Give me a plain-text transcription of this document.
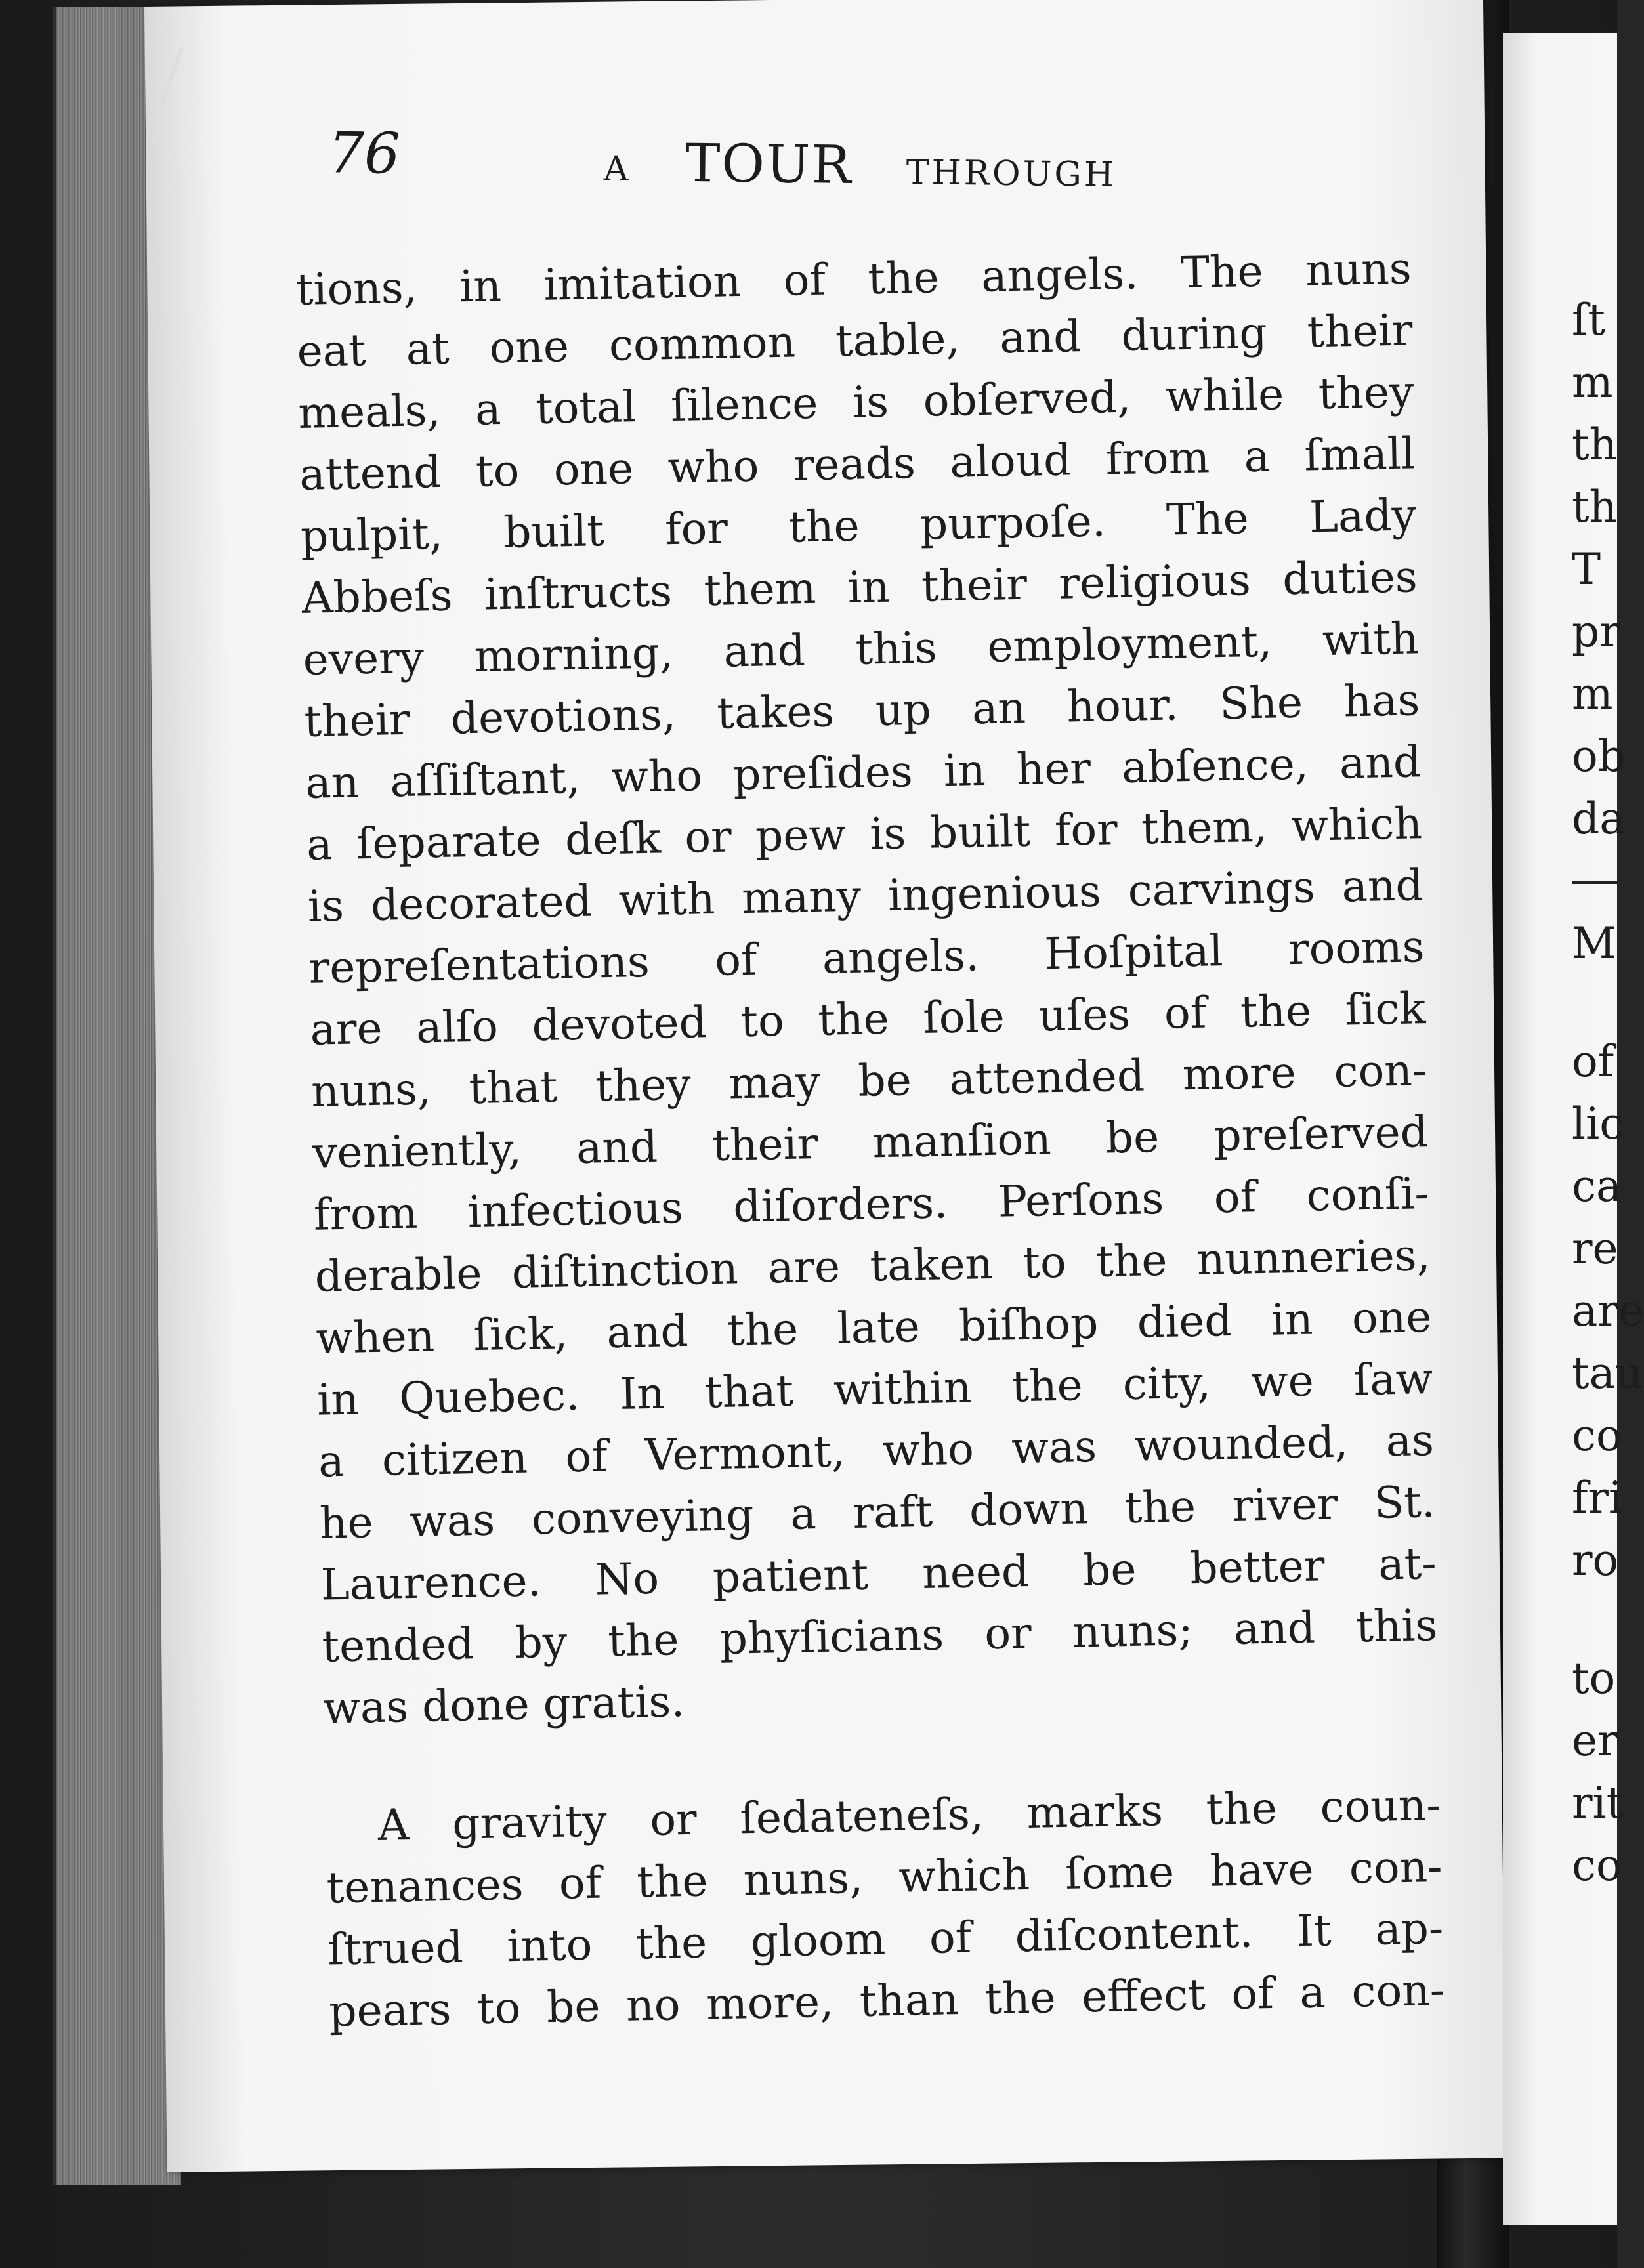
76	A TOUR THROUGH
tions, in imitation of the angels. The nuns
eat at one common table, and during their
meals, a total ſilence is obſerved, while they
attend to one who reads aloud from a ſmall
pulpit, built for the purpoſe. The Lady
Abbeſs inſtructs them in their religious duties
every morning, and this employment, with
their devotions, takes up an hour. She has
an aſſiſtant, who preſides in her abſence, and
a ſeparate deſk or pew is built for them, which
is decorated with many ingenious carvings and
repreſentations of angels. Hoſpital rooms
are alſo devoted to the ſole uſes of the ſick
nuns, that they may be attended more con-
veniently, and their manſion be preſerved
from infectious diſorders. Perſons of conſi-
derable diſtinction are taken to the nunneries,
when ſick, and the late biſhop died in one
in Quebec. In that within the city, we ſaw
a citizen of Vermont, who was wounded, as
he was conveying a raft down the river St.
Laurence. No patient need be better at-
tended by the phyſicians or nuns; and this
was done gratis.
A gravity or ſedateneſs, marks the coun-
tenances of the nuns, which ſome have con-
ſtrued into the gloom of diſcontent. It ap-
pears to be no more, than the effect of a con-
ſt
m
th
th
T
pr
m
ob
da
M
of
lic
ca
re
are
tau
co
fri
ro
to
er
rit
co
